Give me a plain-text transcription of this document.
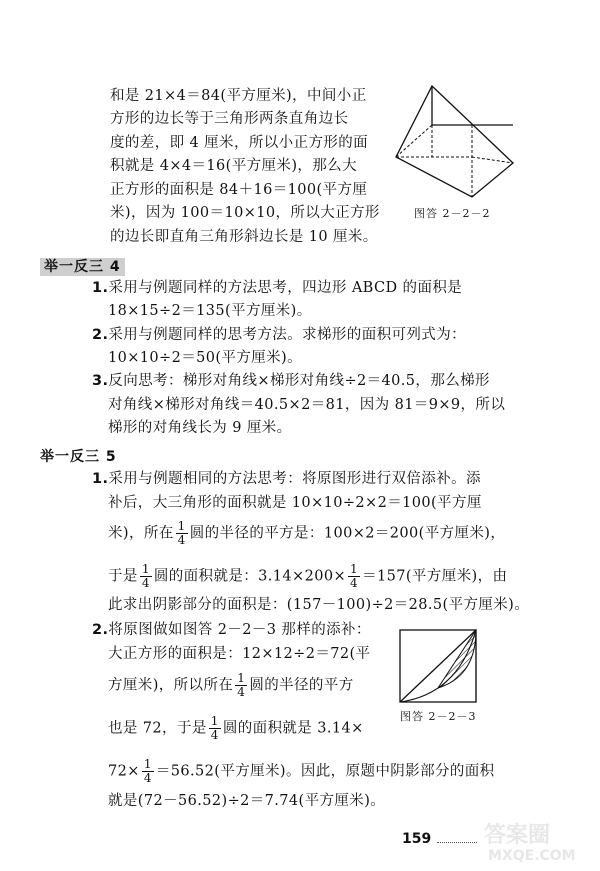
和是 21×4＝84(平方厘米)，中间小正
方形的边长等于三角形两条直角边长
度的差，即 4 厘米，所以小正方形的面
积就是 4×4＝16(平方厘米)，那么大
正方形的面积是 84＋16＝100(平方厘
米)，因为 100＝10×10，所以大正方形
的边长即直角三角形斜边长是 10 厘米。
图答 2－2－2
举一反三 4
1.采用与例题同样的方法思考，四边形 ABCD 的面积是
18×15÷2＝135(平方厘米)。
2.采用与例题同样的思考方法。求梯形的面积可列式为：
10×10÷2＝50(平方厘米)。
3.反向思考：梯形对角线×梯形对角线÷2＝40.5，那么梯形
对角线×梯形对角线＝40.5×2＝81，因为 81＝9×9，所以
梯形的对角线长为 9 厘米。
举一反三 5
1.采用与例题相同的方法思考：将原图形进行双倍添补。添
补后，大三角形的面积就是 10×10÷2×2＝100(平方厘
米)，所在 $\frac{1}{4}$ 圆的半径的平方是：100×2＝200(平方厘米)，
于是 $\frac{1}{4}$ 圆的面积就是：$3.14\times 200\times \frac{1}{4} =157$(平方厘米)，由
此求出阴影部分的面积是：(157－100)÷2＝28.5(平方厘米)。
2.将原图做如图答 2－2－3 那样的添补：
大正方形的面积是：12×12÷2＝72(平
方厘米)，所以所在 $\frac{1}{4}$ 圆的半径的平方
也是 72，于是 $\frac{1}{4}$ 圆的面积就是 3.14×
$72\times \frac{1}{4} =56.52$(平方厘米)。因此，原题中阴影部分的面积
就是(72－56.52)÷2＝7.74(平方厘米)。
图答 2－2－3
159 答案圈
MXQE.COM
